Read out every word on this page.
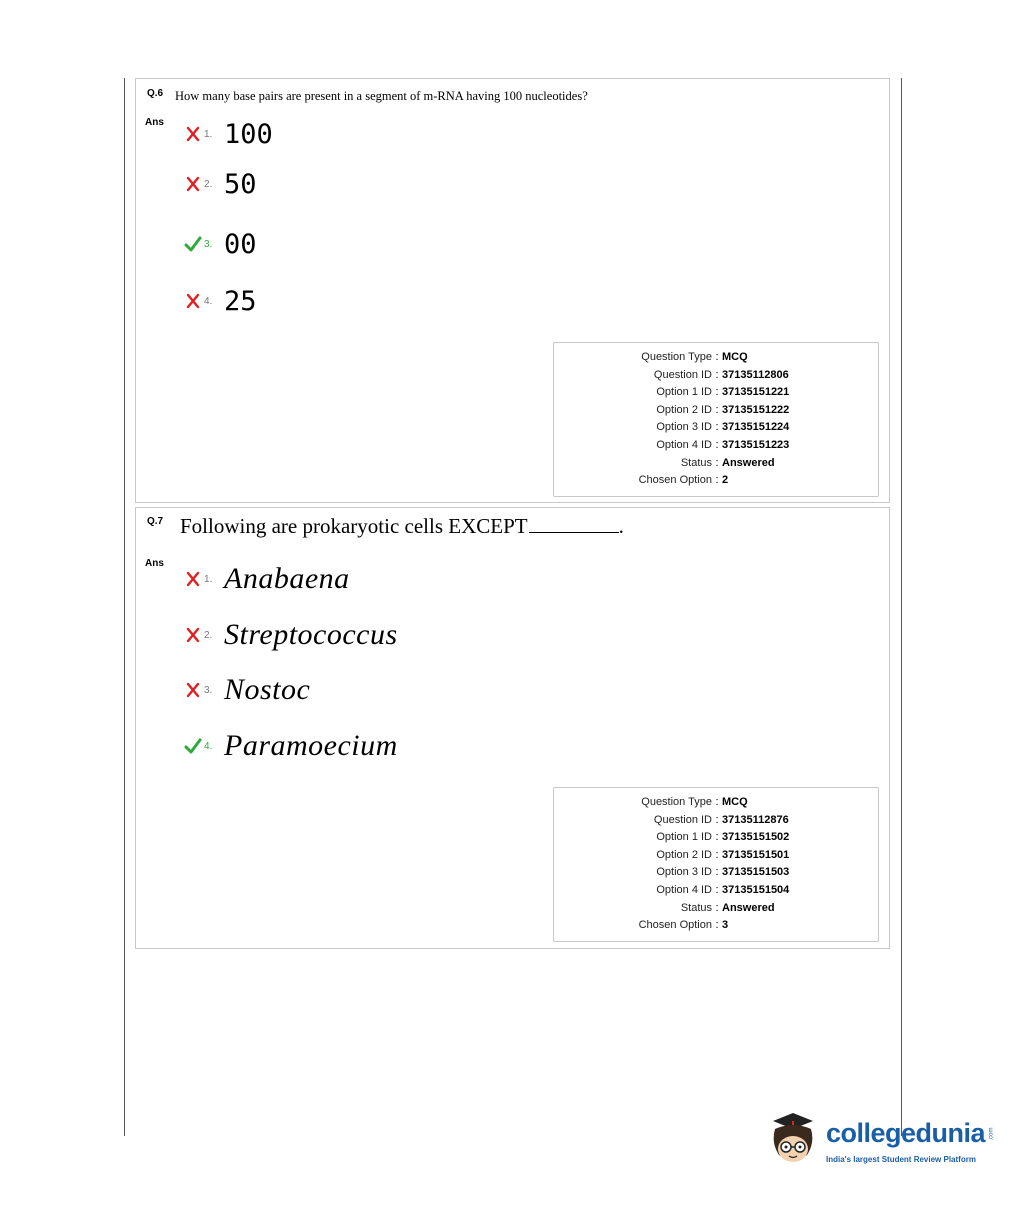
Q.6 How many base pairs are present in a segment of m-RNA having 100 nucleotides?
Ans
1. 100
2. 50
3. 00
4. 25
Question Type : MCQ
Question ID : 37135112806
Option 1 ID : 37135151221
Option 2 ID : 37135151222
Option 3 ID : 37135151224
Option 4 ID : 37135151223
Status : Answered
Chosen Option : 2
Q.7 Following are prokaryotic cells EXCEPT	.
Ans
1. Anabaena
2. Streptococcus
3. Nostoc
4. Paramoecium
Question Type : MCQ
Question ID : 37135112876
Option 1 ID : 37135151502
Option 2 ID : 37135151501
Option 3 ID : 37135151503
Option 4 ID : 37135151504
Status : Answered
Chosen Option : 3
collegedunia .com
India's largest Student Review Platform
